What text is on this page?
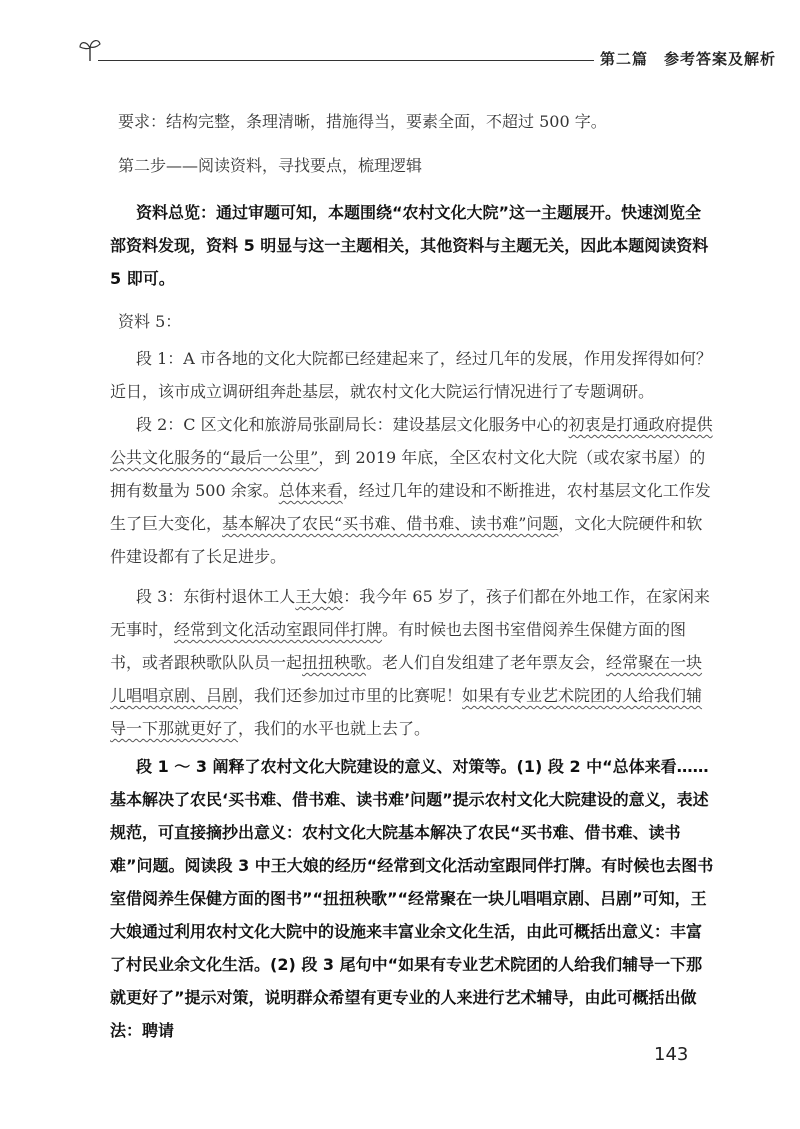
第二篇　参考答案及解析

要求：结构完整，条理清晰，措施得当，要素全面，不超过 500 字。

第二步——阅读资料，寻找要点，梳理逻辑

资料总览：通过审题可知，本题围绕“农村文化大院”这一主题展开。快速浏览全部资料发现，资料 5 明显与这一主题相关，其他资料与主题无关，因此本题阅读资料 5 即可。

资料 5：

段 1：A 市各地的文化大院都已经建起来了，经过几年的发展，作用发挥得如何？近日，该市成立调研组奔赴基层，就农村文化大院运行情况进行了专题调研。

段 2：C 区文化和旅游局张副局长：建设基层文化服务中心的初衷是打通政府提供公共文化服务的“最后一公里”，到 2019 年底，全区农村文化大院（或农家书屋）的拥有数量为 500 余家。总体来看，经过几年的建设和不断推进，农村基层文化工作发生了巨大变化，基本解决了农民“买书难、借书难、读书难”问题，文化大院硬件和软件建设都有了长足进步。

段 3：东街村退休工人王大娘：我今年 65 岁了，孩子们都在外地工作，在家闲来无事时，经常到文化活动室跟同伴打牌。有时候也去图书室借阅养生保健方面的图书，或者跟秧歌队队员一起扭扭秧歌。老人们自发组建了老年票友会，经常聚在一块儿唱唱京剧、吕剧，我们还参加过市里的比赛呢！如果有专业艺术院团的人给我们辅导一下那就更好了，我们的水平也就上去了。

段 1 ～ 3 阐释了农村文化大院建设的意义、对策等。(1) 段 2 中“总体来看……基本解决了农民‘买书难、借书难、读书难’问题”提示农村文化大院建设的意义，表述规范，可直接摘抄出意义：农村文化大院基本解决了农民“买书难、借书难、读书难”问题。阅读段 3 中王大娘的经历“经常到文化活动室跟同伴打牌。有时候也去图书室借阅养生保健方面的图书”“扭扭秧歌”“经常聚在一块儿唱唱京剧、吕剧”可知，王大娘通过利用农村文化大院中的设施来丰富业余文化生活，由此可概括出意义：丰富了村民业余文化生活。(2) 段 3 尾句中“如果有专业艺术院团的人给我们辅导一下那就更好了”提示对策，说明群众希望有更专业的人来进行艺术辅导，由此可概括出做法：聘请

143
